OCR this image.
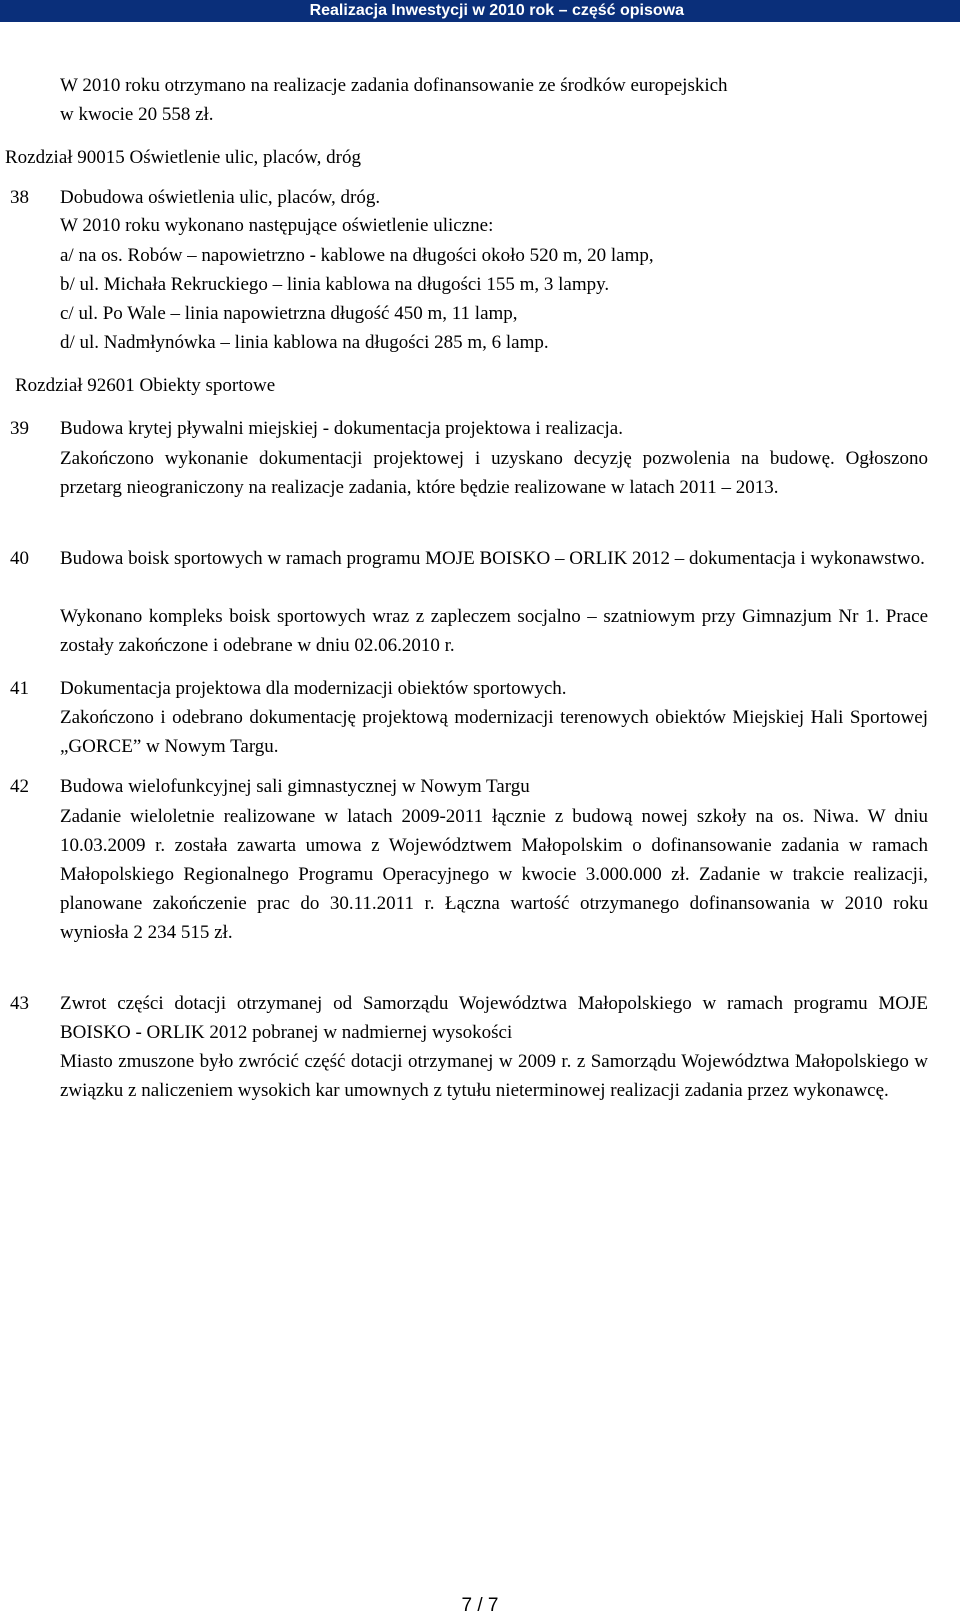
Realizacja Inwestycji w 2010 rok – część opisowa
W 2010 roku otrzymano na realizacje zadania dofinansowanie ze środków europejskich
w kwocie 20 558 zł.
Rozdział 90015 Oświetlenie ulic, placów, dróg
38 Dobudowa oświetlenia ulic, placów, dróg.
W 2010 roku wykonano następujące oświetlenie uliczne:
a/ na os. Robów – napowietrzno - kablowe na długości około 520 m, 20 lamp,
b/ ul. Michała Rekruckiego – linia kablowa na długości 155 m, 3 lampy.
c/ ul. Po Wale – linia napowietrzna długość 450 m, 11 lamp,
d/ ul. Nadmłynówka – linia kablowa na długości 285 m, 6 lamp.
Rozdział 92601 Obiekty sportowe
39 Budowa krytej pływalni miejskiej - dokumentacja projektowa i realizacja.
Zakończono wykonanie dokumentacji projektowej i uzyskano decyzję pozwolenia na budowę. Ogłoszono przetarg nieograniczony na realizacje zadania, które będzie realizowane w latach 2011 – 2013.
40 Budowa boisk sportowych w ramach programu MOJE BOISKO – ORLIK 2012 – dokumentacja i wykonawstwo.
Wykonano kompleks boisk sportowych wraz z zapleczem socjalno – szatniowym przy Gimnazjum Nr 1. Prace zostały zakończone i odebrane w dniu 02.06.2010 r.
41 Dokumentacja projektowa dla modernizacji obiektów sportowych.
Zakończono i odebrano dokumentację projektową modernizacji terenowych obiektów Miejskiej Hali Sportowej „GORCE” w Nowym Targu.
42 Budowa wielofunkcyjnej sali gimnastycznej w Nowym Targu
Zadanie wieloletnie realizowane w latach 2009-2011 łącznie z budową nowej szkoły na os. Niwa. W dniu 10.03.2009 r. została zawarta umowa z Województwem Małopolskim o dofinansowanie zadania w ramach Małopolskiego Regionalnego Programu Operacyjnego w kwocie 3.000.000 zł. Zadanie w trakcie realizacji, planowane zakończenie prac do 30.11.2011 r. Łączna wartość otrzymanego dofinansowania w 2010 roku wyniosła 2 234 515 zł.
43 Zwrot części dotacji otrzymanej od Samorządu Województwa Małopolskiego w ramach programu MOJE BOISKO - ORLIK 2012 pobranej w nadmiernej wysokości
Miasto zmuszone było zwrócić część dotacji otrzymanej w 2009 r. z Samorządu Województwa Małopolskiego w związku z naliczeniem wysokich kar umownych z tytułu nieterminowej realizacji zadania przez wykonawcę.
7 / 7
